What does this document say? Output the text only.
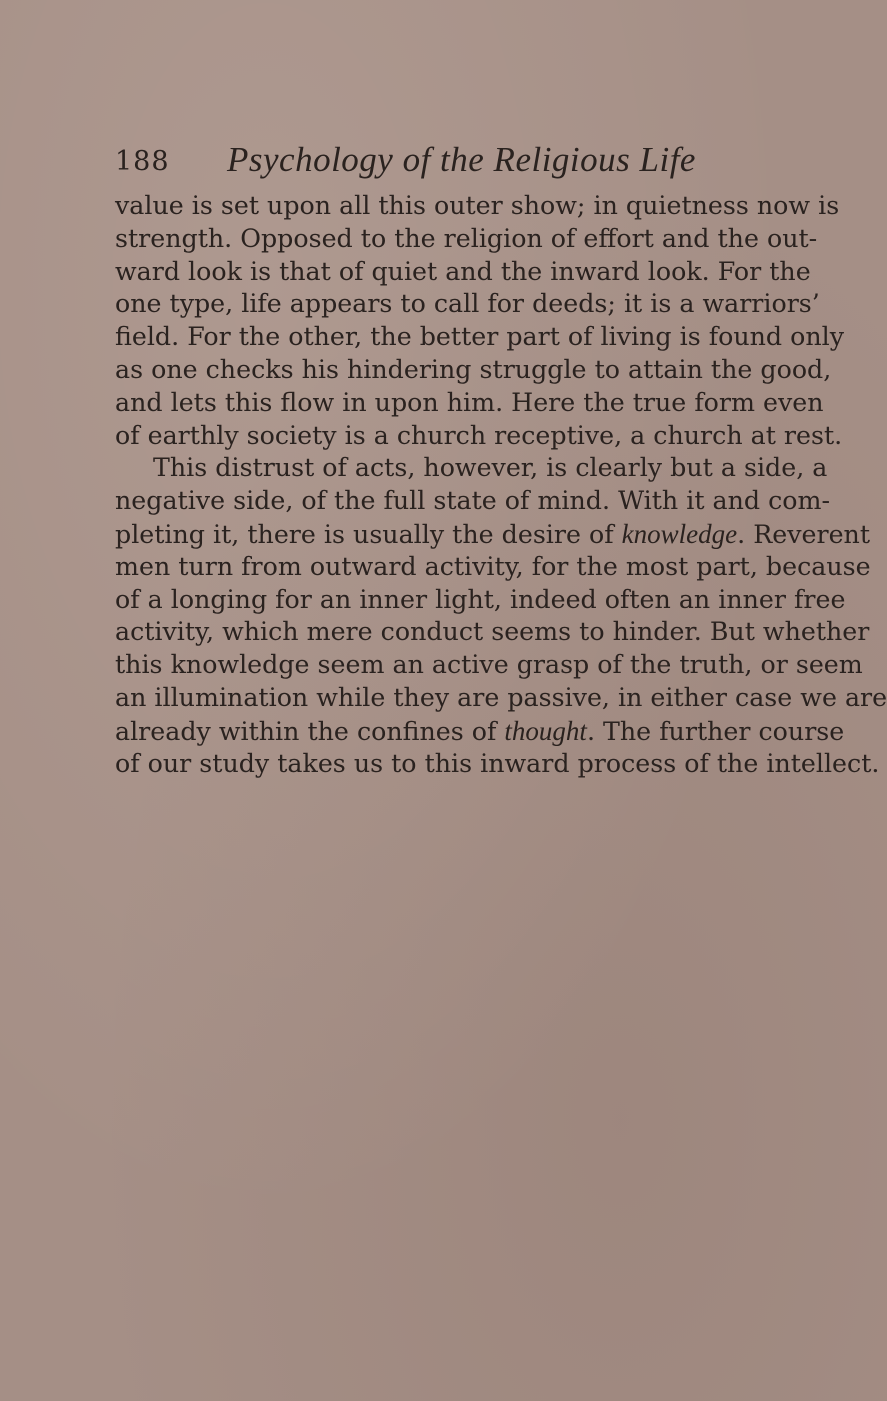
188 Psychology of the Religious Life
value is set upon all this outer show; in quietness now is
strength. Opposed to the religion of effort and the out-
ward look is that of quiet and the inward look. For the
one type, life appears to call for deeds; it is a warriors’
field. For the other, the better part of living is found only
as one checks his hindering struggle to attain the good,
and lets this flow in upon him. Here the true form even
of earthly society is a church receptive, a church at rest.
This distrust of acts, however, is clearly but a side, a
negative side, of the full state of mind. With it and com-
pleting it, there is usually the desire of knowledge. Reverent
men turn from outward activity, for the most part, because
of a longing for an inner light, indeed often an inner free
activity, which mere conduct seems to hinder. But whether
this knowledge seem an active grasp of the truth, or seem
an illumination while they are passive, in either case we are
already within the confines of thought. The further course
of our study takes us to this inward process of the intellect.
